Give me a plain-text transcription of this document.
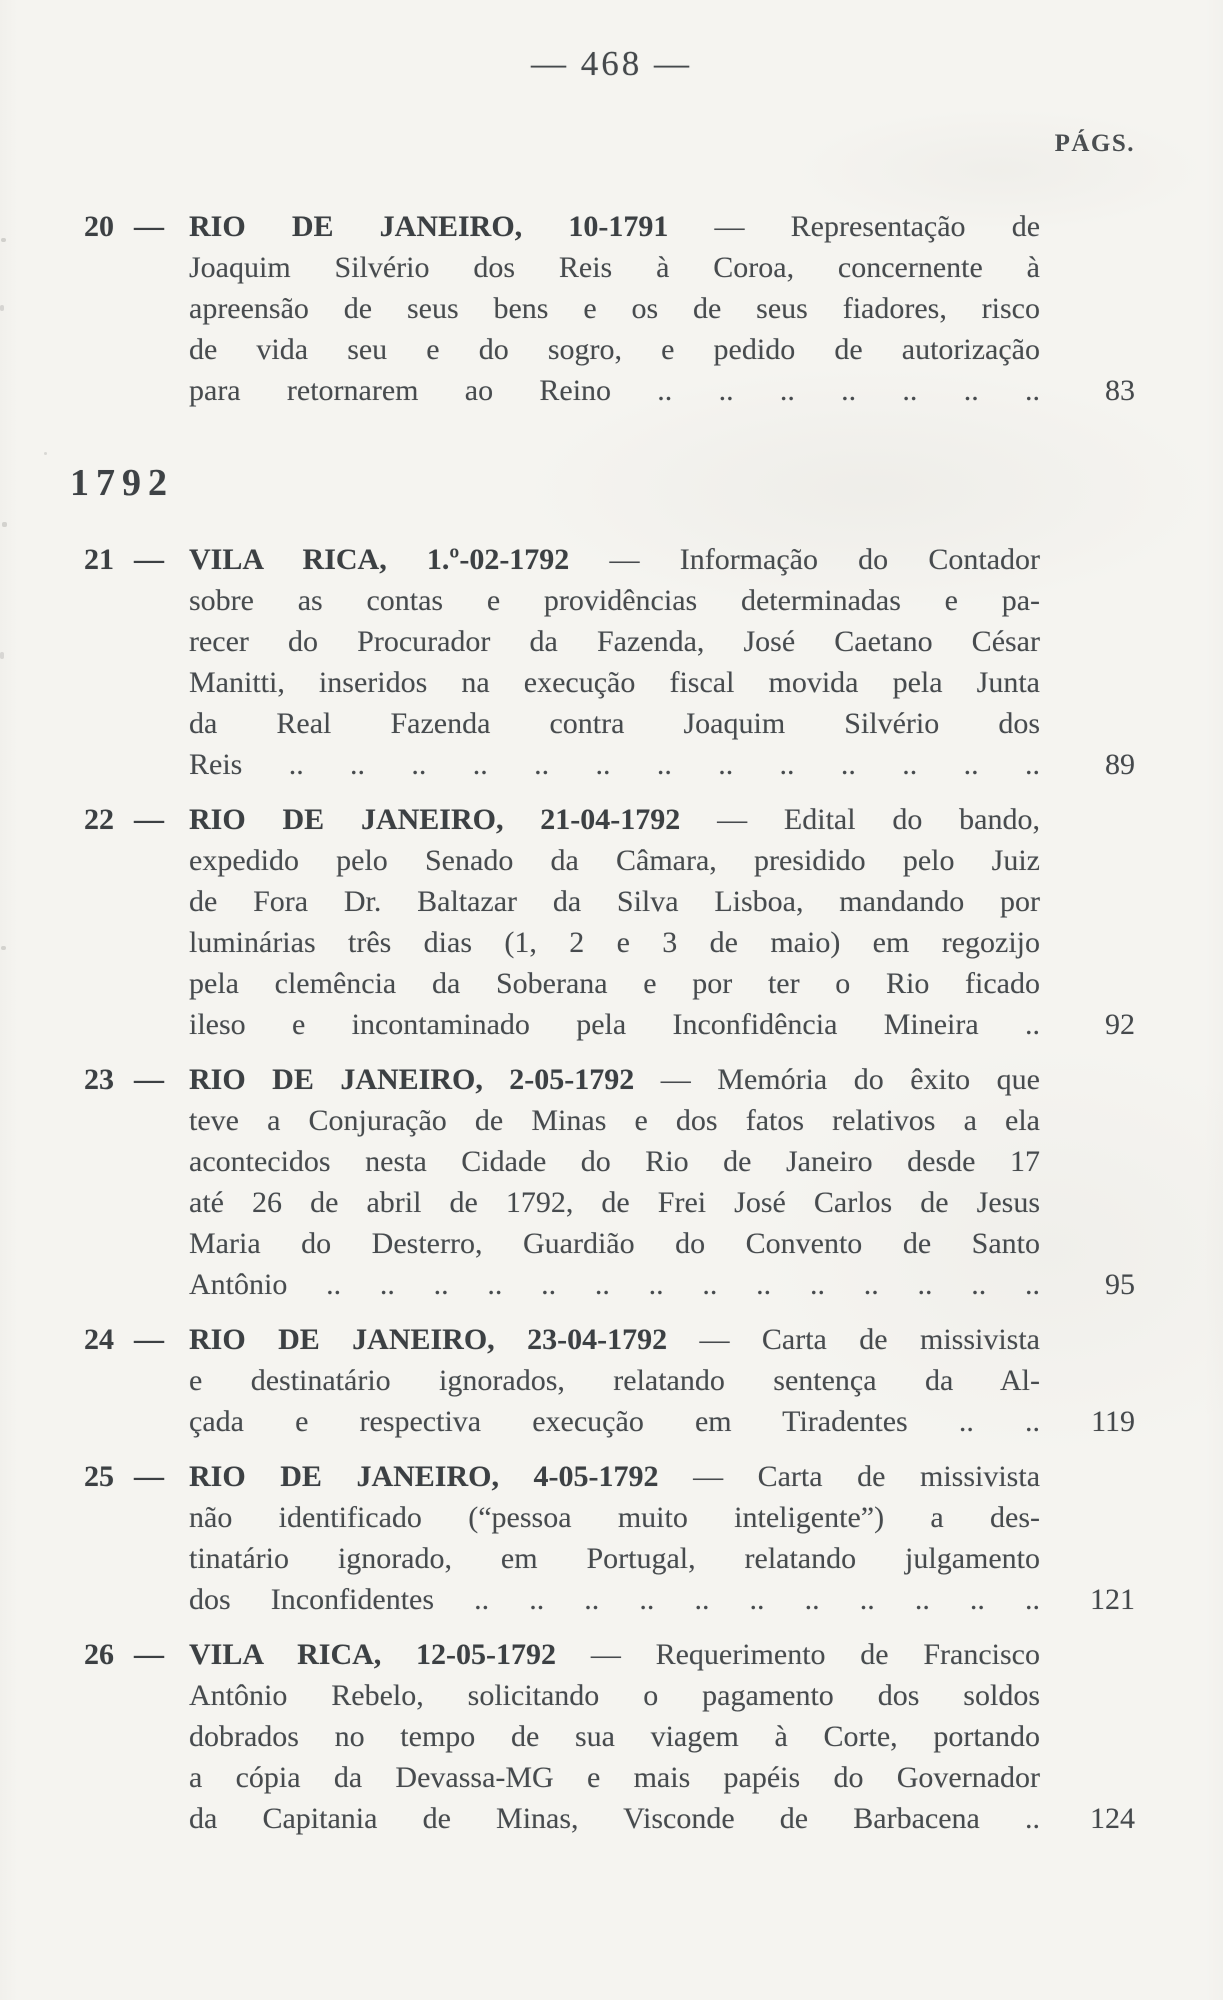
— 468 —
PÁGS.
20 — RIO DE JANEIRO, 10-1791 — Representação de
Joaquim Silvério dos Reis à Coroa, concernente à
apreensão de seus bens e os de seus fiadores, risco
de vida seu e do sogro, e pedido de autorização
para retornarem ao Reino .. .. .. .. .. .. .. 83
1792
21 — VILA RICA, 1.º-02-1792 — Informação do Contador
sobre as contas e providências determinadas e pa-
recer do Procurador da Fazenda, José Caetano César
Manitti, inseridos na execução fiscal movida pela Junta
da Real Fazenda contra Joaquim Silvério dos
Reis .. .. .. .. .. .. .. .. .. .. .. .. .. 89
22 — RIO DE JANEIRO, 21-04-1792 — Edital do bando,
expedido pelo Senado da Câmara, presidido pelo Juiz
de Fora Dr. Baltazar da Silva Lisboa, mandando por
luminárias três dias (1, 2 e 3 de maio) em regozijo
pela clemência da Soberana e por ter o Rio ficado
ileso e incontaminado pela Inconfidência Mineira .. 92
23 — RIO DE JANEIRO, 2-05-1792 — Memória do êxito que
teve a Conjuração de Minas e dos fatos relativos a ela
acontecidos nesta Cidade do Rio de Janeiro desde 17
até 26 de abril de 1792, de Frei José Carlos de Jesus
Maria do Desterro, Guardião do Convento de Santo
Antônio .. .. .. .. .. .. .. .. .. .. .. .. .. .. 95
24 — RIO DE JANEIRO, 23-04-1792 — Carta de missivista
e destinatário ignorados, relatando sentença da Al-
çada e respectiva execução em Tiradentes .. .. 119
25 — RIO DE JANEIRO, 4-05-1792 — Carta de missivista
não identificado (“pessoa muito inteligente”) a des-
tinatário ignorado, em Portugal, relatando julgamento
dos Inconfidentes .. .. .. .. .. .. .. .. .. .. .. 121
26 — VILA RICA, 12-05-1792 — Requerimento de Francisco
Antônio Rebelo, solicitando o pagamento dos soldos
dobrados no tempo de sua viagem à Corte, portando
a cópia da Devassa-MG e mais papéis do Governador
da Capitania de Minas, Visconde de Barbacena .. 124
